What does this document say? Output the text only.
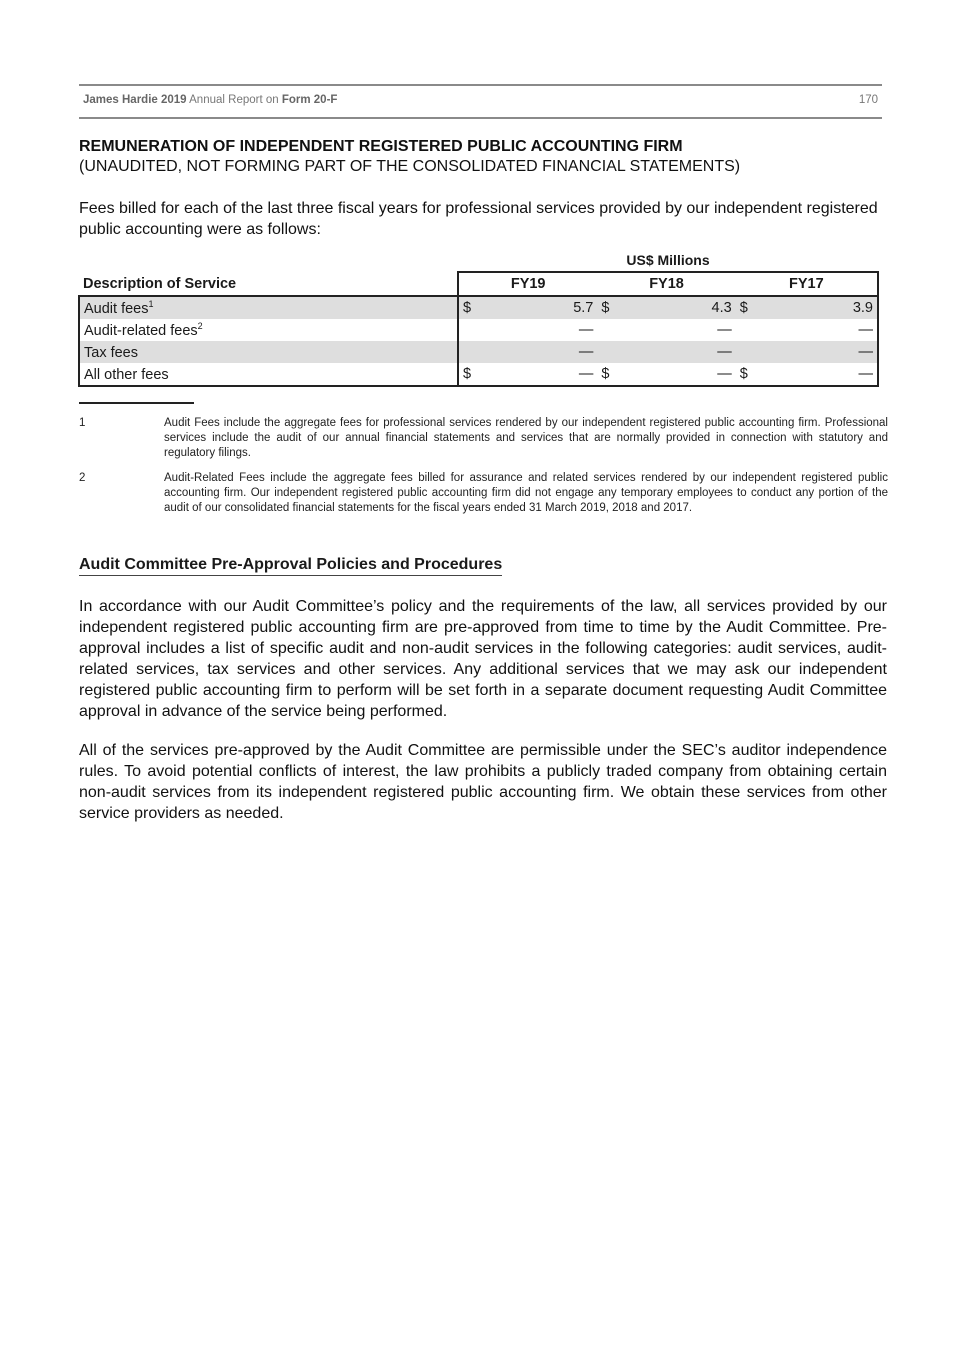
James Hardie 2019 Annual Report on Form 20-F	170
REMUNERATION OF INDEPENDENT REGISTERED PUBLIC ACCOUNTING FIRM
(UNAUDITED, NOT FORMING PART OF THE CONSOLIDATED FINANCIAL STATEMENTS)
Fees billed for each of the last three fiscal years for professional services provided by our independent registered public accounting were as follows:
US$ Millions
Description of Service	FY19		FY18		FY17	
Audit fees$^1$	$	5.7	$	4.3	$	3.9
Audit-related fees$^2$		—		—		—
Tax fees		—		—		—
All other fees	$	—	$	—	$	—
1	Audit Fees include the aggregate fees for professional services rendered by our independent registered public accounting firm. Professional services include the audit of our annual financial statements and services that are normally provided in connection with statutory and regulatory filings.
2	Audit-Related Fees include the aggregate fees billed for assurance and related services rendered by our independent registered public accounting firm. Our independent registered public accounting firm did not engage any temporary employees to conduct any portion of the audit of our consolidated financial statements for the fiscal years ended 31 March 2019, 2018 and 2017.
Audit Committee Pre-Approval Policies and Procedures
In accordance with our Audit Committee’s policy and the requirements of the law, all services provided by our independent registered public accounting firm are pre-approved from time to time by the Audit Committee. Pre-approval includes a list of specific audit and non-audit services in the following categories: audit services, audit-related services, tax services and other services. Any additional services that we may ask our independent registered public accounting firm to perform will be set forth in a separate document requesting Audit Committee approval in advance of the service being performed.
All of the services pre-approved by the Audit Committee are permissible under the SEC’s auditor independence rules. To avoid potential conflicts of interest, the law prohibits a publicly traded company from obtaining certain non-audit services from its independent registered public accounting firm. We obtain these services from other service providers as needed.
